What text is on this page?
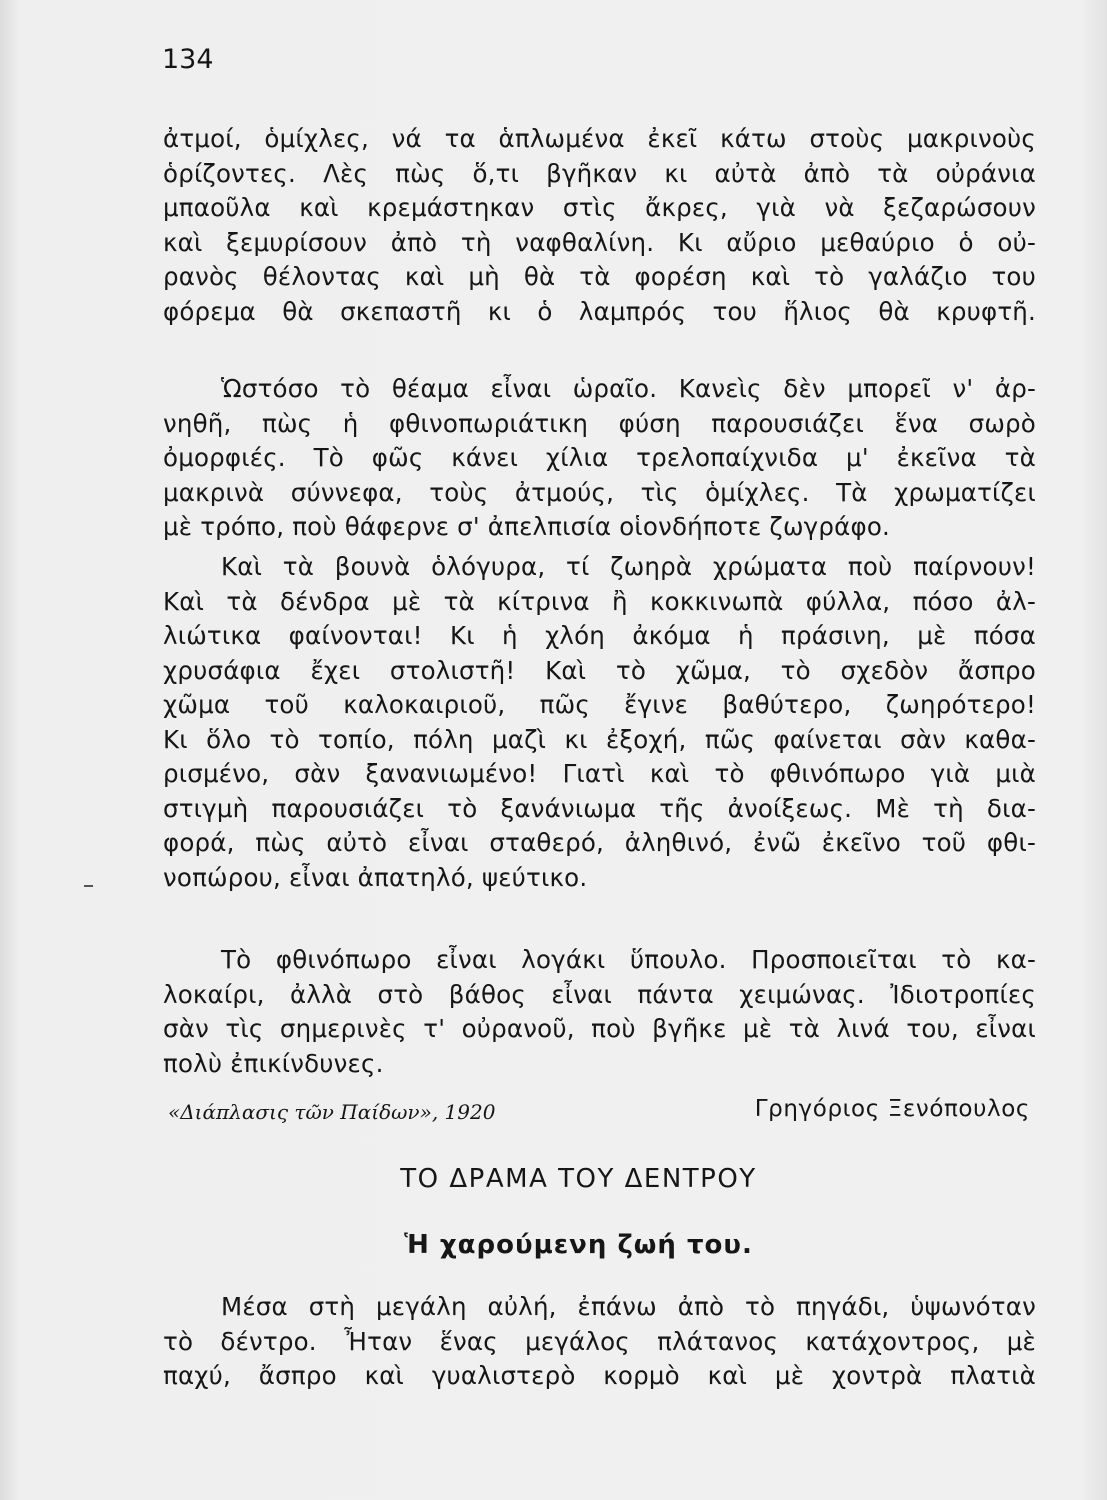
134
ἀτμοί, ὁμίχλες, νά τα ἁπλωμένα ἐκεῖ κάτω στοὺς μακρινοὺς
ὁρίζοντες. Λὲς πὼς ὅ,τι βγῆκαν κι αὐτὰ ἀπὸ τὰ οὐράνια
μπαοῦλα καὶ κρεμάστηκαν στὶς ἄκρες, γιὰ νὰ ξεζαρώσουν
καὶ ξεμυρίσουν ἀπὸ τὴ ναφθαλίνη. Κι αὔριο μεθαύριο ὁ οὐ-
ρανὸς θέλοντας καὶ μὴ θὰ τὰ φορέση καὶ τὸ γαλάζιο του
φόρεμα θὰ σκεπαστῆ κι ὁ λαμπρός του ἥλιος θὰ κρυφτῆ.
Ὡστόσο τὸ θέαμα εἶναι ὡραῖο. Κανεὶς δὲν μπορεῖ ν' ἀρ-
νηθῆ, πὼς ἡ φθινοπωριάτικη φύση παρουσιάζει ἕνα σωρὸ
ὀμορφιές. Τὸ φῶς κάνει χίλια τρελοπαίχνιδα μ' ἐκεῖνα τὰ
μακρινὰ σύννεφα, τοὺς ἀτμούς, τὶς ὁμίχλες. Τὰ χρωματίζει
μὲ τρόπο, ποὺ θάφερνε σ' ἀπελπισία οἱονδήποτε ζωγράφο.
Καὶ τὰ βουνὰ ὁλόγυρα, τί ζωηρὰ χρώματα ποὺ παίρνουν!
Καὶ τὰ δένδρα μὲ τὰ κίτρινα ἢ κοκκινωπὰ φύλλα, πόσο ἀλ-
λιώτικα φαίνονται! Κι ἡ χλόη ἀκόμα ἡ πράσινη, μὲ πόσα
χρυσάφια ἔχει στολιστῆ! Καὶ τὸ χῶμα, τὸ σχεδὸν ἄσπρο
χῶμα τοῦ καλοκαιριοῦ, πῶς ἔγινε βαθύτερο, ζωηρότερο!
Κι ὅλο τὸ τοπίο, πόλη μαζὶ κι ἐξοχή, πῶς φαίνεται σὰν καθα-
ρισμένο, σὰν ξανανιωμένο! Γιατὶ καὶ τὸ φθινόπωρο γιὰ μιὰ
στιγμὴ παρουσιάζει τὸ ξανάνιωμα τῆς ἀνοίξεως. Μὲ τὴ δια-
φορά, πὼς αὐτὸ εἶναι σταθερό, ἀληθινό, ἐνῶ ἐκεῖνο τοῦ φθι-
νοπώρου, εἶναι ἀπατηλό, ψεύτικο.
Τὸ φθινόπωρο εἶναι λογάκι ὕπουλο. Προσποιεῖται τὸ κα-
λοκαίρι, ἀλλὰ στὸ βάθος εἶναι πάντα χειμώνας. Ἰδιοτροπίες
σὰν τὶς σημερινὲς τ' οὐρανοῦ, ποὺ βγῆκε μὲ τὰ λινά του, εἶναι
πολὺ ἐπικίνδυνες.
«Διάπλασις τῶν Παίδων», 1920	Γρηγόριος Ξενόπουλος
ΤΟ ΔΡΑΜΑ ΤΟΥ ΔΕΝΤΡΟΥ
Ἡ χαρούμενη ζωή του.
Μέσα στὴ μεγάλη αὐλή, ἐπάνω ἀπὸ τὸ πηγάδι, ὑψωνόταν
τὸ δέντρο. Ἦταν ἕνας μεγάλος πλάτανος κατάχοντρος, μὲ
παχύ, ἄσπρο καὶ γυαλιστερὸ κορμὸ καὶ μὲ χοντρὰ πλατιὰ
